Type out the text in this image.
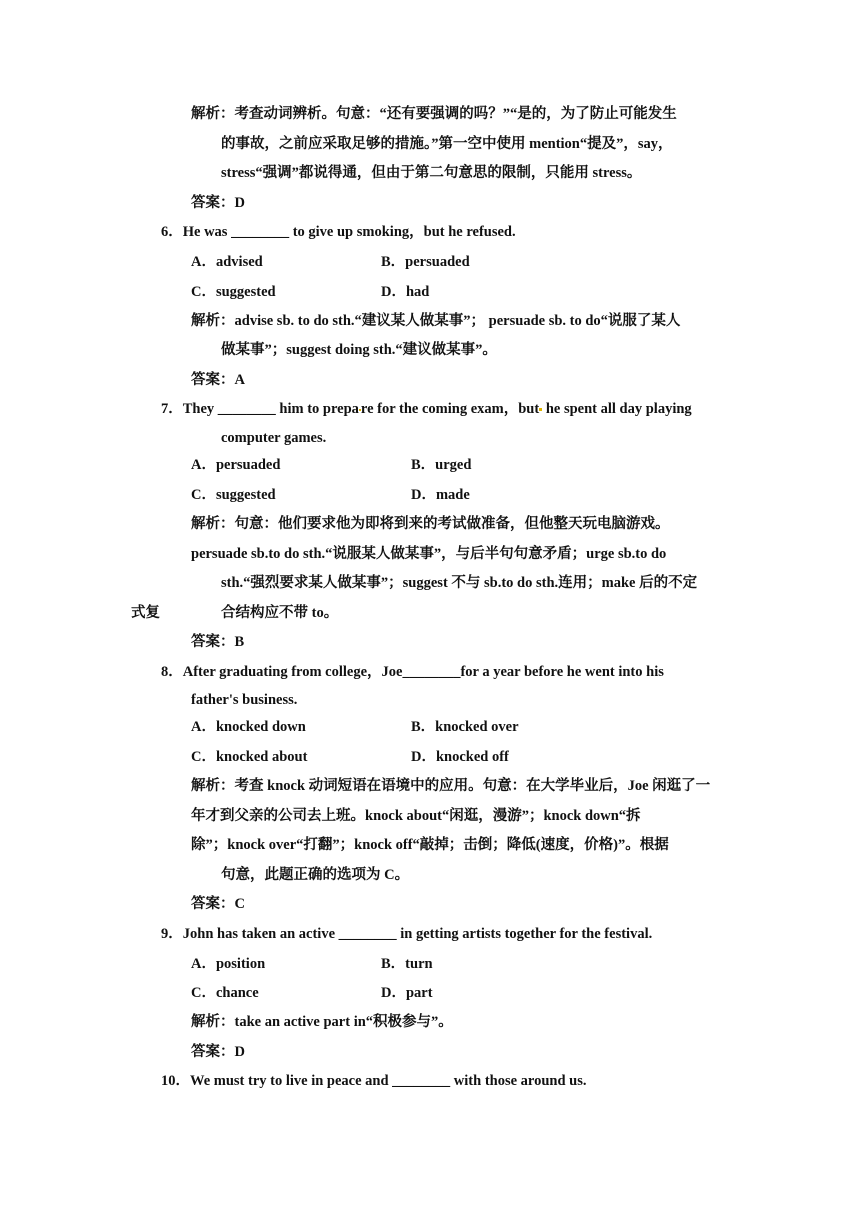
解析：考查动词辨析。句意：“还有要强调的吗？”“是的，为了防止可能发生
的事故，之前应采取足够的措施。”第一空中使用 mention“提及”，say，
stress“强调”都说得通，但由于第二句意思的限制，只能用 stress。
答案：D
6．He was ________ to give up smoking，but he refused.
A．advised	B．persuaded
C．suggested	D．had
解析：advise sb. to do sth.“建议某人做某事”； persuade sb. to do“说服了某人
做某事”；suggest doing sth.“建议做某事”。
答案：A
7．They ________ him to prepa re for the coming exam，but he spent all day playing
computer games.
A．persuaded	B．urged
C．suggested	D．made
解析：句意：他们要求他为即将到来的考试做准备，但他整天玩电脑游戏。
persuade sb.to do sth.“说服某人做某事”，与后半句句意矛盾；urge sb.to do
sth.“强烈要求某人做某事”；suggest 不与 sb.to do sth.连用；make 后的不定
式复	合结构应不带 to。
答案：B
8．After graduating from college，Joe________for a year before he went into his
father's business.
A．knocked down	B．knocked over
C．knocked about	D．knocked off
解析：考查 knock 动词短语在语境中的应用。句意：在大学毕业后，Joe 闲逛了一
年才到父亲的公司去上班。knock about“闲逛，漫游”；knock down“拆
除”；knock over“打翻”；knock off“敲掉；击倒；降低(速度，价格)”。根据
句意，此题正确的选项为 C。
答案：C
9．John has taken an active ________ in getting artists together for the festival.
A．position	B．turn
C．chance	D．part
解析：take an active part in“积极参与”。
答案：D
10．We must try to live in peace and ________ with those around us.
